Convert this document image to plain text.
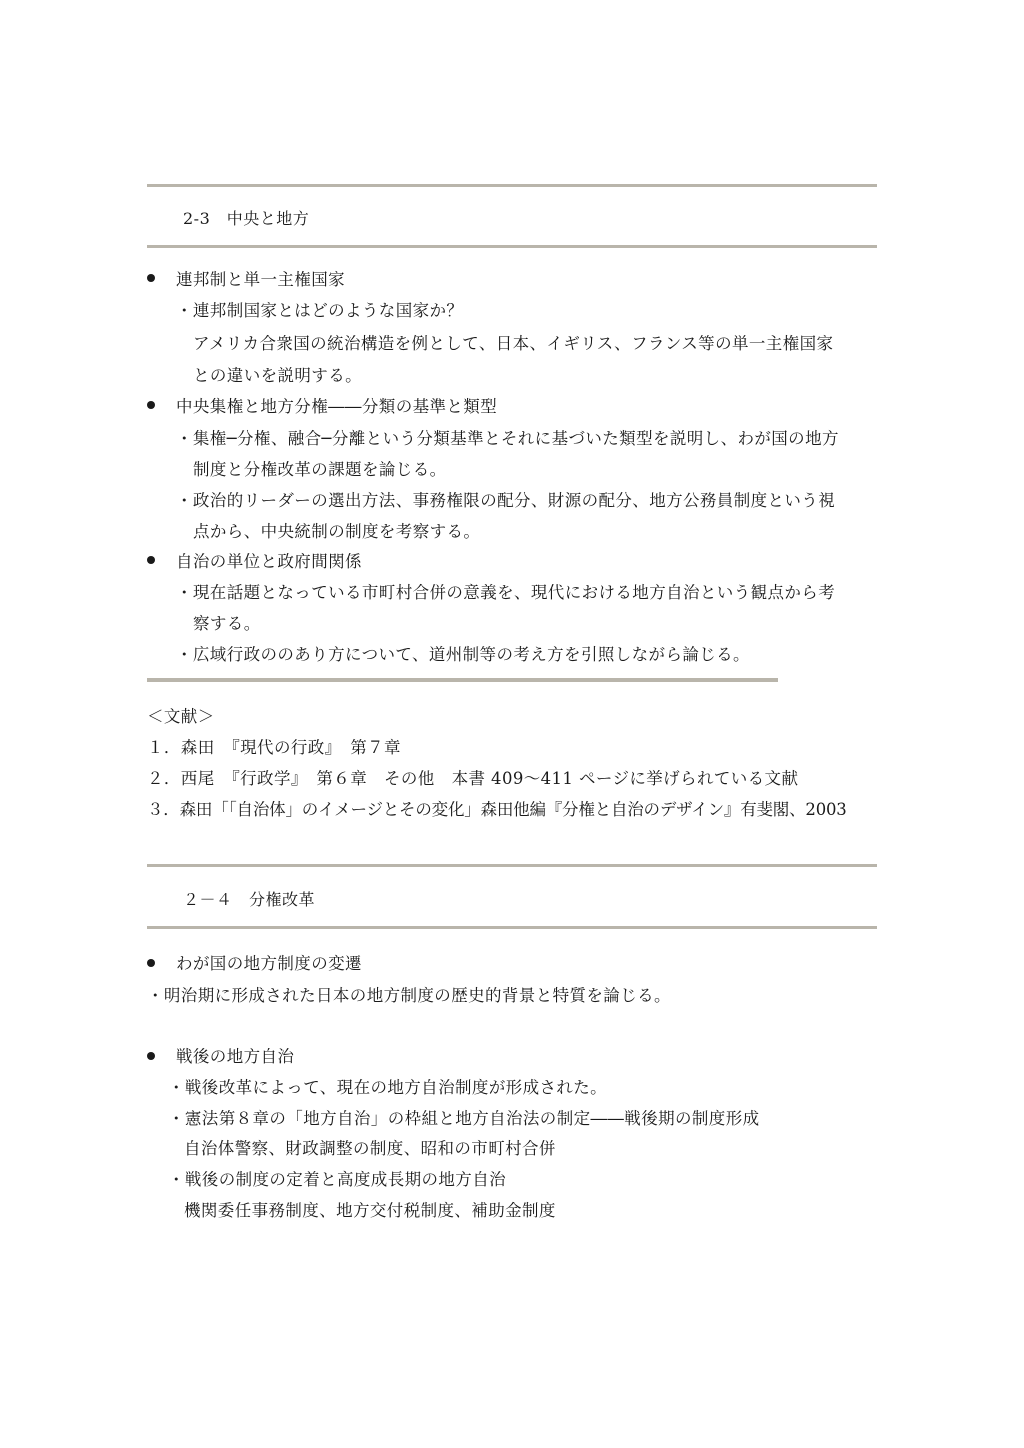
2-3　中央と地方
連邦制と単一主権国家
・連邦制国家とはどのような国家か？
アメリカ合衆国の統治構造を例として、日本、イギリス、フランス等の単一主権国家
との違いを説明する。
中央集権と地方分権――分類の基準と類型
・集権─分権、融合─分離という分類基準とそれに基づいた類型を説明し、わが国の地方
制度と分権改革の課題を論じる。
・政治的リーダーの選出方法、事務権限の配分、財源の配分、地方公務員制度という視
点から、中央統制の制度を考察する。
自治の単位と政府間関係
・現在話題となっている市町村合併の意義を、現代における地方自治という観点から考
察する。
・広域行政ののあり方について、道州制等の考え方を引照しながら論じる。
＜文献＞
１．森田　『現代の行政』　第７章
２．西尾　『行政学』　第６章　その他　本書 409～411 ページに挙げられている文献
３．森田「「自治体」のイメージとその変化」森田他編『分権と自治のデザイン』有斐閣、2003
２－４　分権改革
わが国の地方制度の変遷
・明治期に形成された日本の地方制度の歴史的背景と特質を論じる。
戦後の地方自治
・戦後改革によって、現在の地方自治制度が形成された。
・憲法第８章の「地方自治」の枠組と地方自治法の制定――戦後期の制度形成
自治体警察、財政調整の制度、昭和の市町村合併
・戦後の制度の定着と高度成長期の地方自治
機関委任事務制度、地方交付税制度、補助金制度
